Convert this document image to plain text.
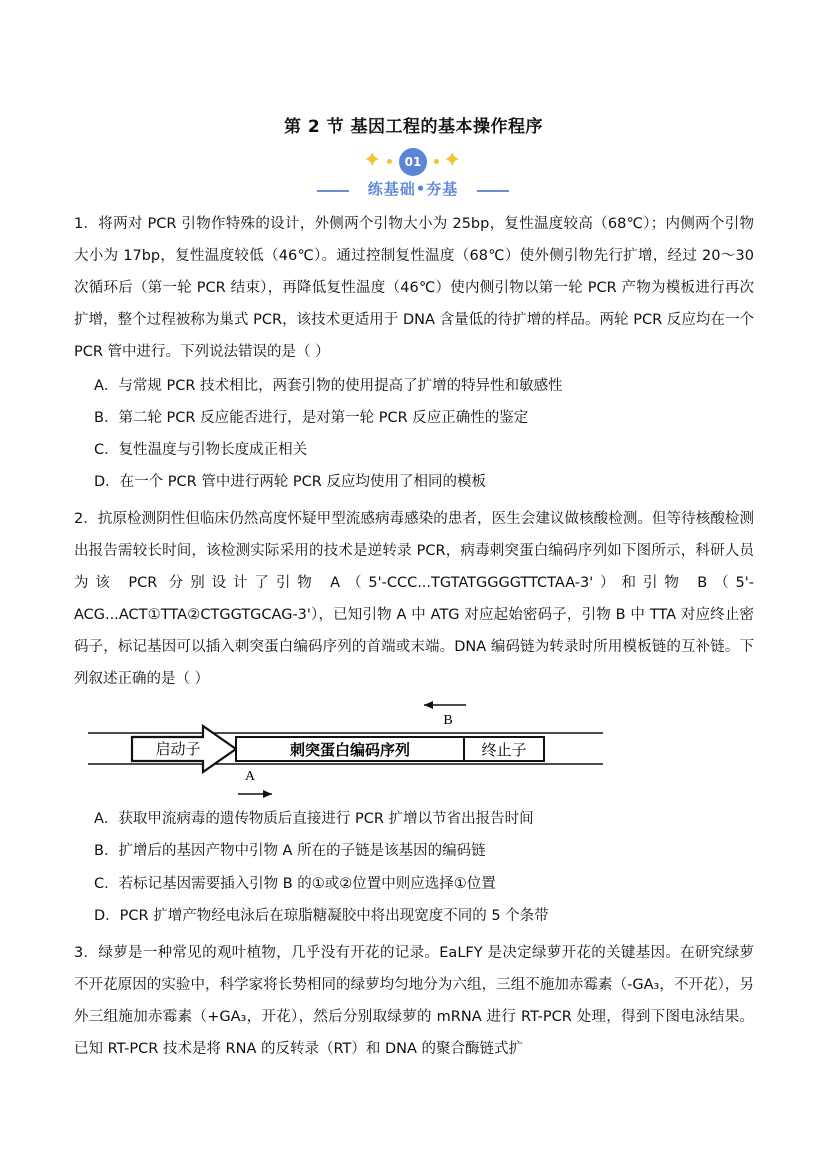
第 2 节 基因工程的基本操作程序
✦	01 ✦
练基础•夯基

1．将两对 PCR 引物作特殊的设计，外侧两个引物大小为 25bp，复性温度较高（68℃）；内侧两个引物大小为 17bp，复性温度较低（46℃）。通过控制复性温度（68℃）使外侧引物先行扩增，经过 20～30 次循环后（第一轮 PCR 结束），再降低复性温度（46℃）使内侧引物以第一轮 PCR 产物为模板进行再次扩增，整个过程被称为巢式 PCR，该技术更适用于 DNA 含量低的待扩增的样品。两轮 PCR 反应均在一个 PCR 管中进行。下列说法错误的是（ ）

A．与常规 PCR 技术相比，两套引物的使用提高了扩增的特异性和敏感性

B．第二轮 PCR 反应能否进行，是对第一轮 PCR 反应正确性的鉴定

C．复性温度与引物长度成正相关

D．在一个 PCR 管中进行两轮 PCR 反应均使用了相同的模板

2．抗原检测阴性但临床仍然高度怀疑甲型流感病毒感染的患者，医生会建议做核酸检测。但等待核酸检测出报告需较长时间，该检测实际采用的技术是逆转录 PCR，病毒刺突蛋白编码序列如下图所示，科研人员为该 PCR 分别设计了引物 A（5'-CCC...TGTATGGGGTTCTAA-3'）和引物 B（5'-ACG...ACT①TTA②CTGGTGCAG-3'），已知引物 A 中 ATG 对应起始密码子，引物 B 中 TTA 对应终止密码子，标记基因可以插入刺突蛋白编码序列的首端或末端。DNA 编码链为转录时所用模板链的互补链。下列叙述正确的是（ ）

启动子	刺突蛋白编码序列	终止子
B
A

A．获取甲流病毒的遗传物质后直接进行 PCR 扩增以节省出报告时间

B．扩增后的基因产物中引物 A 所在的子链是该基因的编码链

C．若标记基因需要插入引物 B 的①或②位置中则应选择①位置

D．PCR 扩增产物经电泳后在琼脂糖凝胶中将出现宽度不同的 5 个条带

3．绿萝是一种常见的观叶植物，几乎没有开花的记录。EaLFY 是决定绿萝开花的关键基因。在研究绿萝不开花原因的实验中，科学家将长势相同的绿萝均匀地分为六组，三组不施加赤霉素（-GA₃，不开花），另外三组施加赤霉素（+GA₃，开花），然后分别取绿萝的 mRNA 进行 RT-PCR 处理，得到下图电泳结果。已知 RT-PCR 技术是将 RNA 的反转录（RT）和 DNA 的聚合酶链式扩
